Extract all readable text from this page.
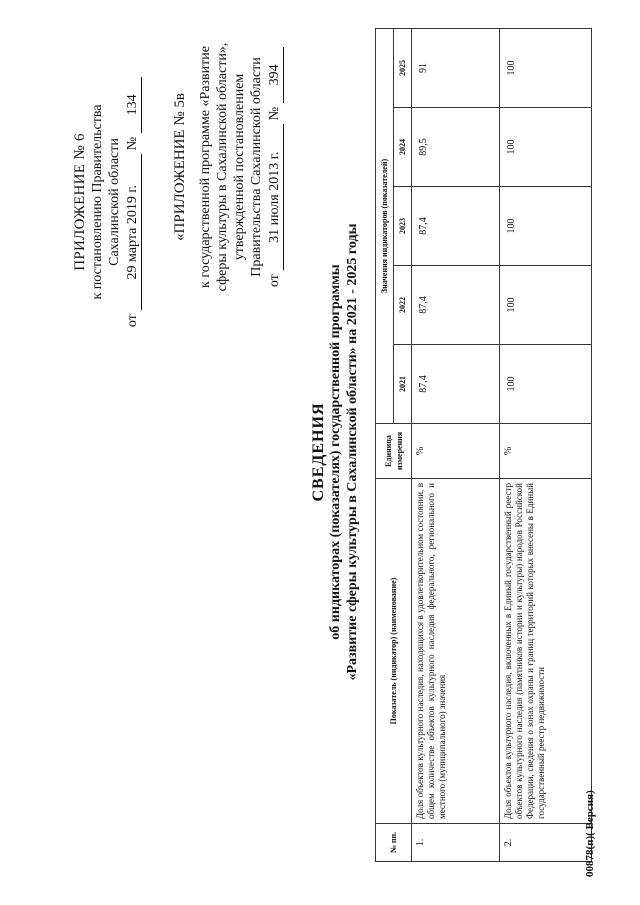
ПРИЛОЖЕНИЕ № 6 к постановлению Правительства Сахалинской области
от
29 марта 2019 г.
№
134 «ПРИЛОЖЕНИЕ № 5в к государственной программе «Развитие сферы культуры в Сахалинской области», утвержденной постановлением Правительства Сахалинской области
от
31 июля 2013 г.
№
394
СВЕДЕНИЯ об индикаторах (показателях) государственной программы «Развитие сферы культуры в Сахалинской области» на 2021 - 2025 годы
№ пп.	Показатель (индикатор) (наименование)	Единица измерения	Значения индикаторов (показателей)				
			2021	2022	2023	2024	2025
1.	Доля объектов культурного наследия, находящихся в удовлетворительном состоянии, в общем количестве объектов культурного наследия федерального, регионального и местного (муниципального) значения	%	87,4	87,4	87,4	89,5	91
2.	Доля объектов культурного наследия, включенных в Единый государственный реестр объектов культурного наследия (памятников истории и культуры) народов Российской Федерации, сведения о зонах охраны и границ территорий которых внесены в Единый государственный реестр недвижимости	%	100	100	100	100	100
00878(п)( Версия)
